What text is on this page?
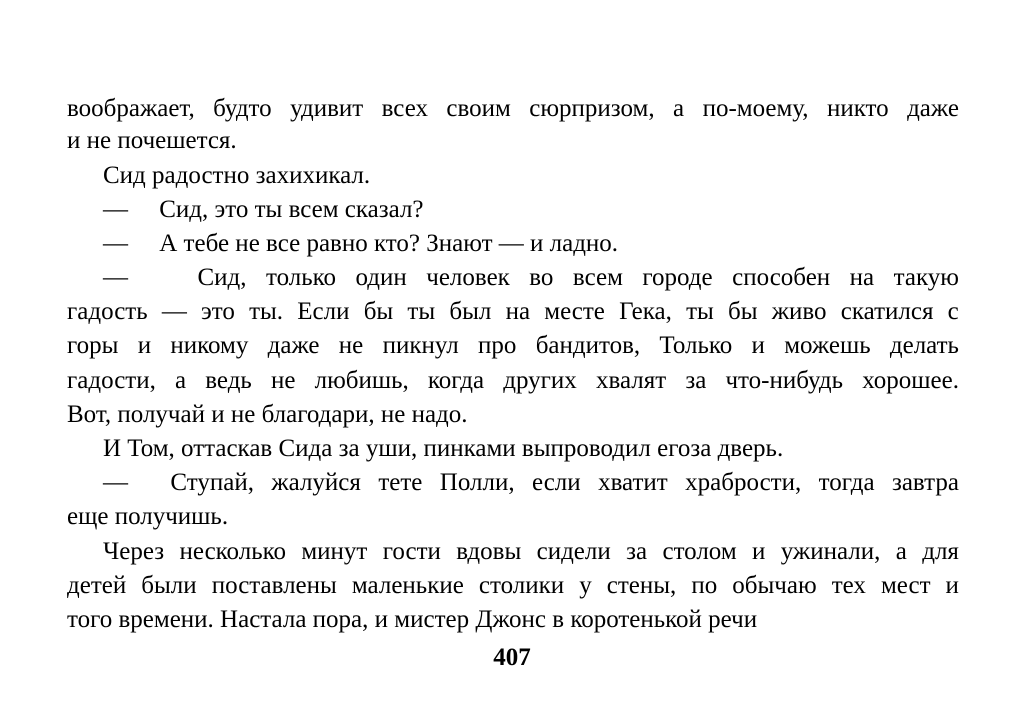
воображает, будто удивит всех своим сюрпризом, а по-моему, никто даже
и не почешется.
Сид радостно захихикал.
—  Сид, это ты всем сказал?
—  А тебе не все равно кто? Знают — и ладно.
—   Сид, только один человек во всем городе способен на такую
гадость — это ты. Если бы ты был на месте Гека, ты бы живо скатился с
горы и никому даже не пикнул про бандитов, Только и можешь делать
гадости, а ведь не любишь, когда других хвалят за что-нибудь хорошее.
Вот, получай и не благодари, не надо.
И Том, оттаскав Сида за уши, пинками выпроводил егоза дверь.
—  Ступай, жалуйся тете Полли, если хватит храбрости, тогда завтра
еще получишь.
Через несколько минут гости вдовы сидели за столом и ужинали, а для
детей были поставлены маленькие столики у стены, по обычаю тех мест и
того времени. Настала пора, и мистер Джонс в коротенькой речи
407
